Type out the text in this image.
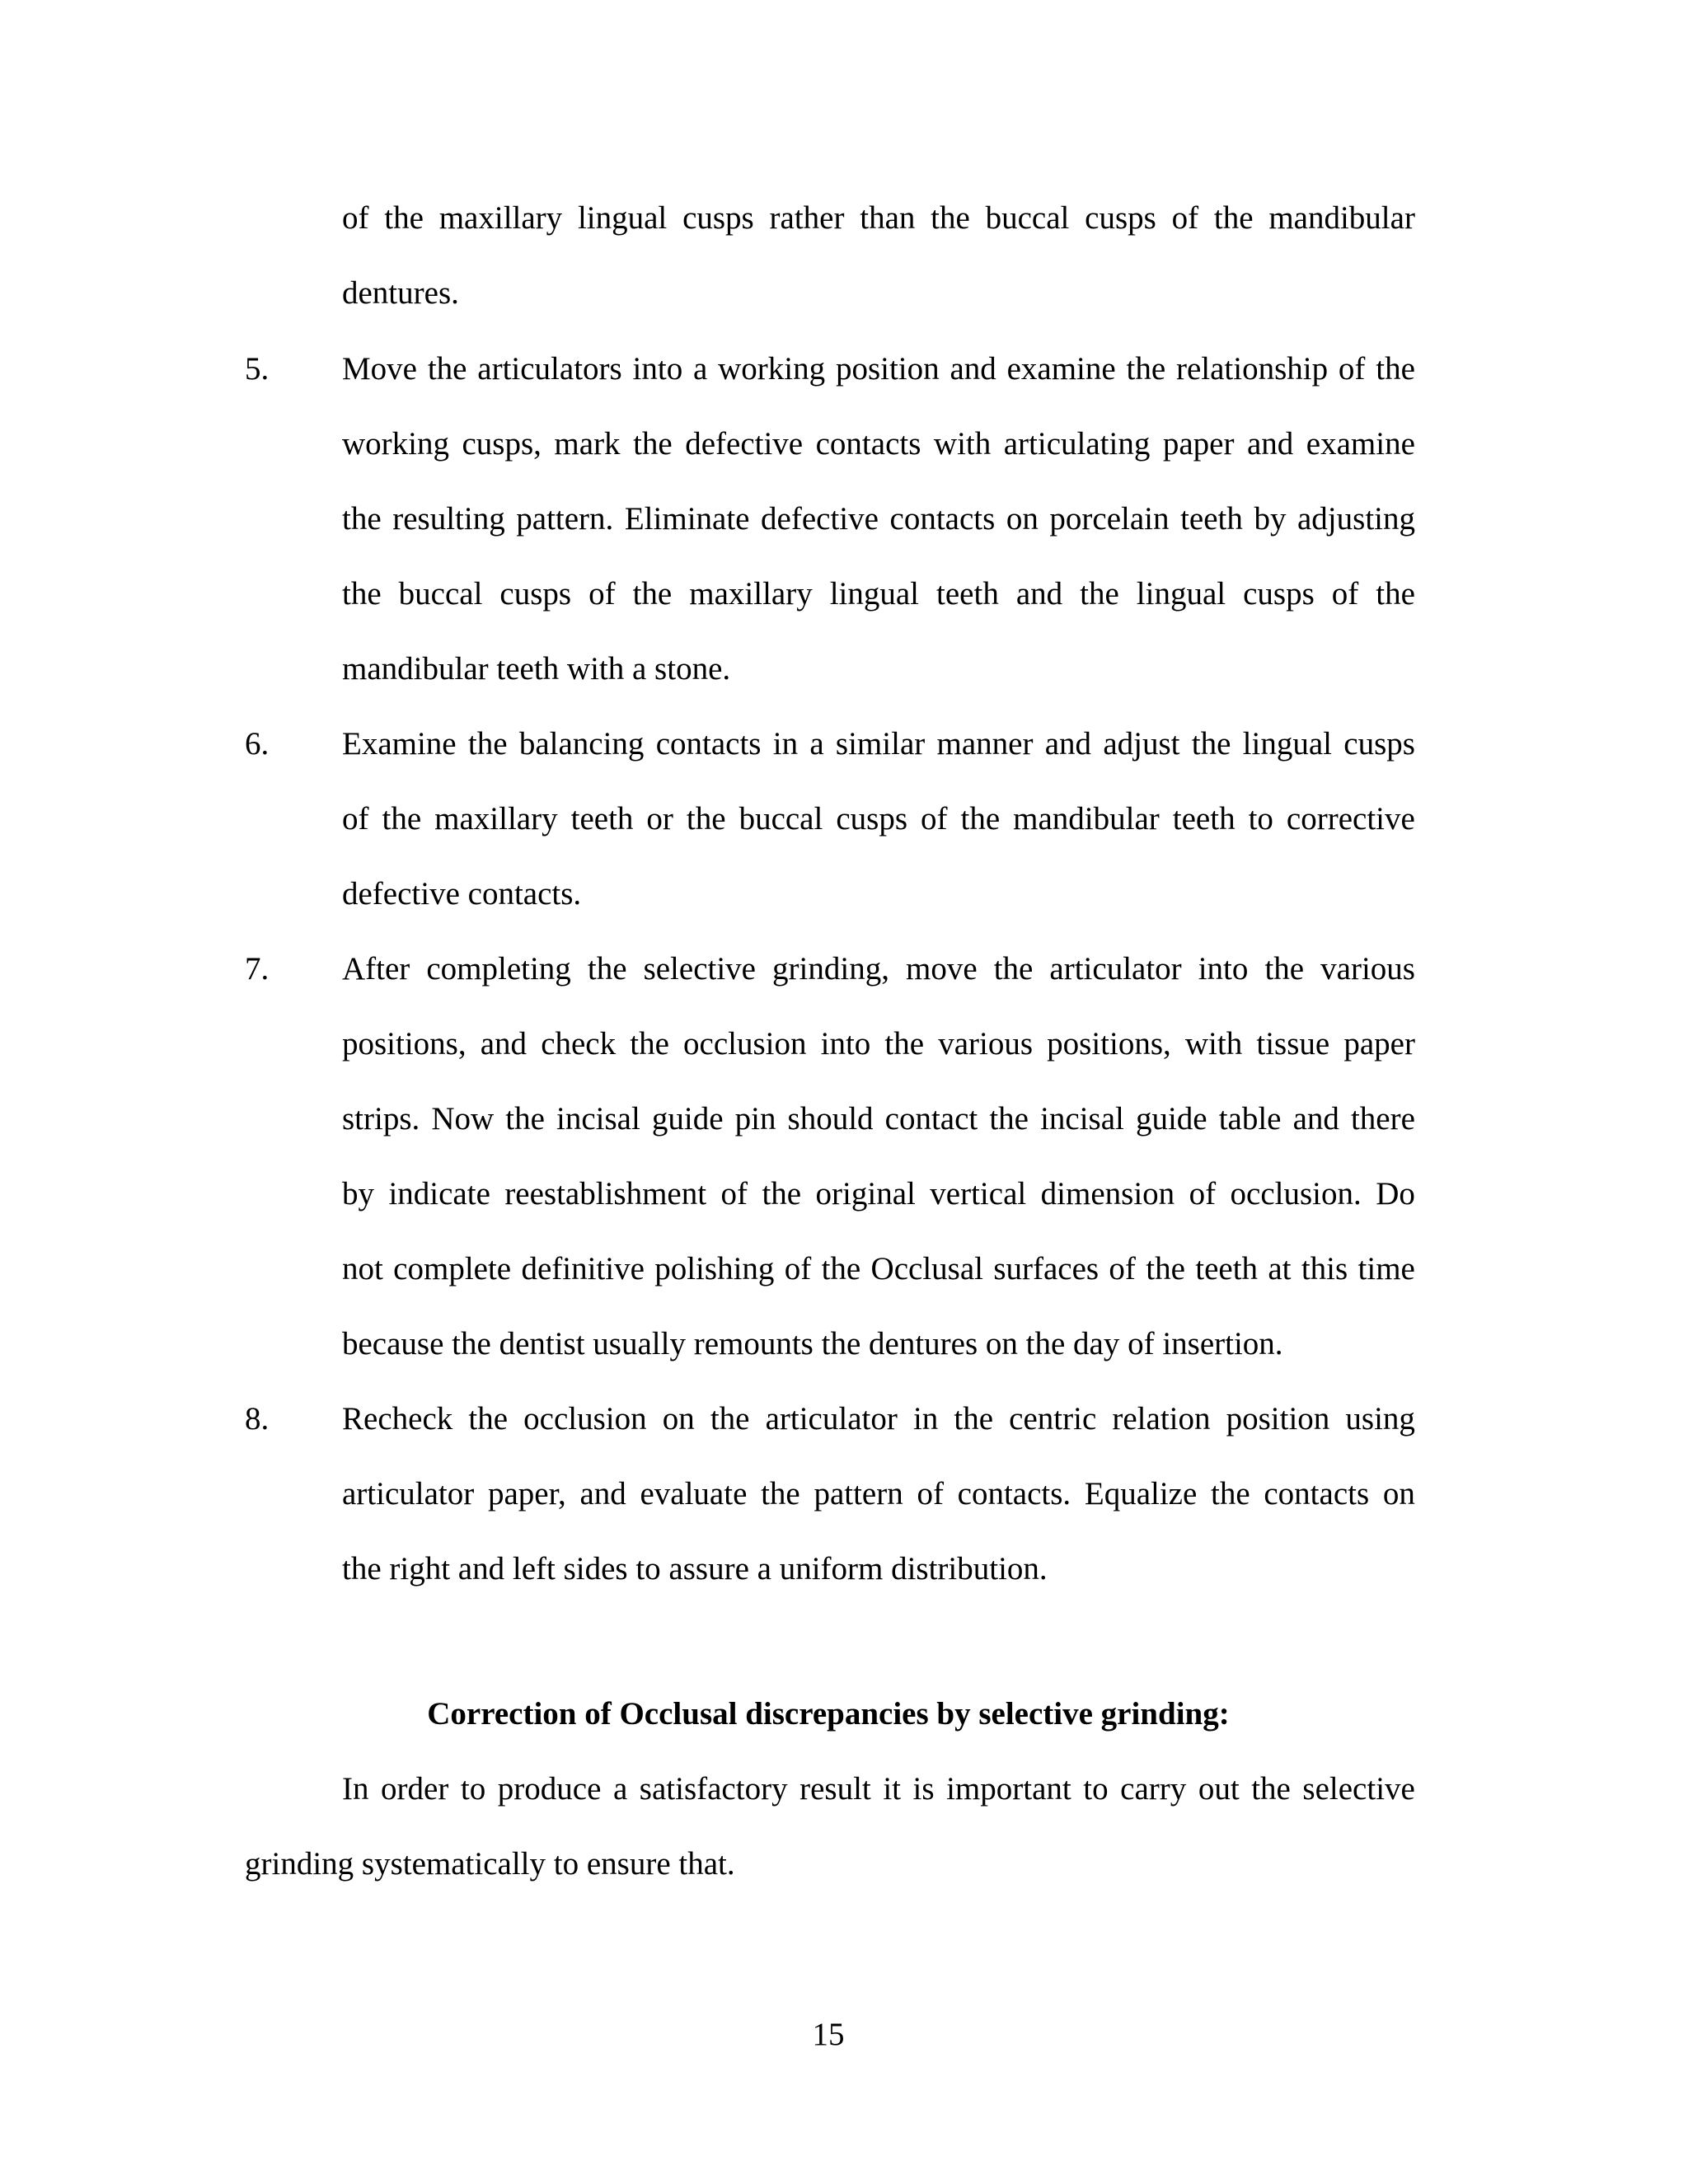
of the maxillary lingual cusps rather than the buccal cusps of the mandibular
dentures.
5. Move the articulators into a working position and examine the relationship of the
working cusps, mark the defective contacts with articulating paper and examine
the resulting pattern. Eliminate defective contacts on porcelain teeth by adjusting
the buccal cusps of the maxillary lingual teeth and the lingual cusps of the
mandibular teeth with a stone.
6. Examine the balancing contacts in a similar manner and adjust the lingual cusps
of the maxillary teeth or the buccal cusps of the mandibular teeth to corrective
defective contacts.
7. After completing the selective grinding, move the articulator into the various
positions, and check the occlusion into the various positions, with tissue paper
strips. Now the incisal guide pin should contact the incisal guide table and there
by indicate reestablishment of the original vertical dimension of occlusion. Do
not complete definitive polishing of the Occlusal surfaces of the teeth at this time
because the dentist usually remounts the dentures on the day of insertion.
8. Recheck the occlusion on the articulator in the centric relation position using
articulator paper, and evaluate the pattern of contacts. Equalize the contacts on
the right and left sides to assure a uniform distribution.
Correction of Occlusal discrepancies by selective grinding:
In order to produce a satisfactory result it is important to carry out the selective
grinding systematically to ensure that.
15
